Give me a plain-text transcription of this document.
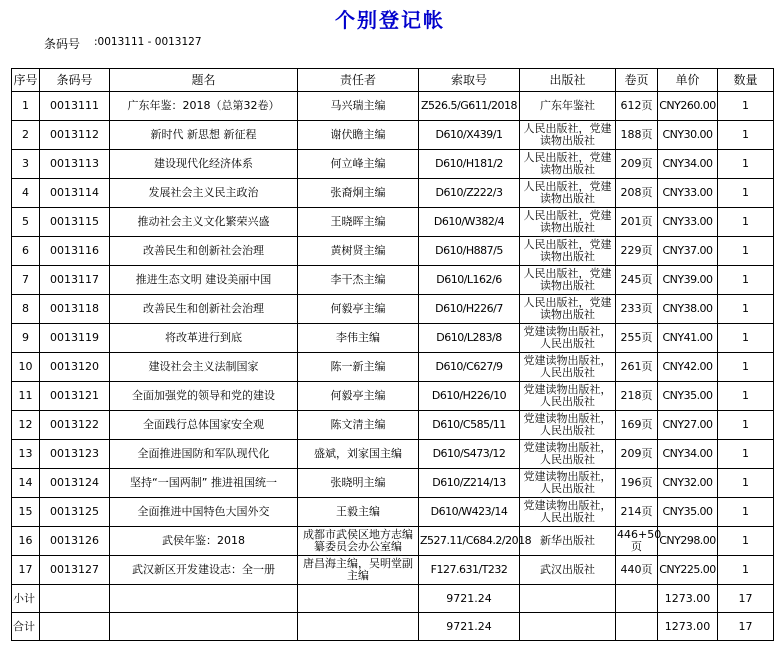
个别登记帐
条码号 :0013111 - 0013127
序号	条码号	题名	责任者	索取号	出版社	卷页	单价	数量
1	0013111	广东年鉴：2018（总第32卷）	马兴瑞主编	Z526.5/G611/2018	广东年鉴社	612页	CNY260.00	1
2	0013112	新时代 新思想 新征程	谢伏瞻主编	D610/X439/1	人民出版社，党建读物出版社	188页	CNY30.00	1
3	0013113	建设现代化经济体系	何立峰主编	D610/H181/2	人民出版社，党建读物出版社	209页	CNY34.00	1
4	0013114	发展社会主义民主政治	张裔炯主编	D610/Z222/3	人民出版社，党建读物出版社	208页	CNY33.00	1
5	0013115	推动社会主义文化繁荣兴盛	王晓晖主编	D610/W382/4	人民出版社，党建读物出版社	201页	CNY33.00	1
6	0013116	改善民生和创新社会治理	黄树贤主编	D610/H887/5	人民出版社，党建读物出版社	229页	CNY37.00	1
7	0013117	推进生态文明 建设美丽中国	李干杰主编	D610/L162/6	人民出版社，党建读物出版社	245页	CNY39.00	1
8	0013118	改善民生和创新社会治理	何毅亭主编	D610/H226/7	人民出版社，党建读物出版社	233页	CNY38.00	1
9	0013119	将改革进行到底	李伟主编	D610/L283/8	党建读物出版社，人民出版社	255页	CNY41.00	1
10	0013120	建设社会主义法制国家	陈一新主编	D610/C627/9	党建读物出版社，人民出版社	261页	CNY42.00	1
11	0013121	全面加强党的领导和党的建设	何毅亭主编	D610/H226/10	党建读物出版社，人民出版社	218页	CNY35.00	1
12	0013122	全面践行总体国家安全观	陈文清主编	D610/C585/11	党建读物出版社，人民出版社	169页	CNY27.00	1
13	0013123	全面推进国防和军队现代化	盛斌，刘家国主编	D610/S473/12	党建读物出版社，人民出版社	209页	CNY34.00	1
14	0013124	坚持“一国两制” 推进祖国统一	张晓明主编	D610/Z214/13	党建读物出版社，人民出版社	196页	CNY32.00	1
15	0013125	全面推进中国特色大国外交	王毅主编	D610/W423/14	党建读物出版社，人民出版社	214页	CNY35.00	1
16	0013126	武侯年鉴：2018	成都市武侯区地方志编纂委员会办公室编	Z527.11/C684.2/2018	新华出版社	446+50页	CNY298.00	1
17	0013127	武汉新区开发建设志：全一册	唐昌海主编，吴明堂副主编	F127.631/T232	武汉出版社	440页	CNY225.00	1
小计				9721.24			1273.00	17
合计				9721.24			1273.00	17
